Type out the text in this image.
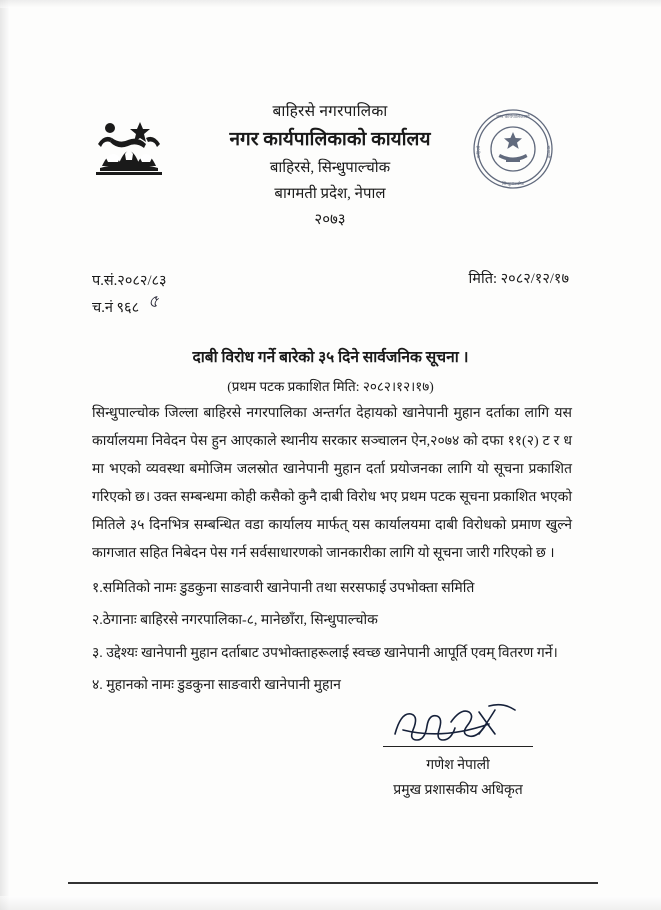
बाहिरसे नगरपालिका
नगर कार्यपालिकाको कार्यालय
बाहिरसे, सिन्धुपाल्चोक
बागमती प्रदेश, नेपाल
२०७३
नगर कार्यपालिकाको
सिन्धुपाल्चोक
बाहिरसे	बागमती
प.सं.२०८२/८३
च.नं ९६८ ৫
मिति: २०८२/१२/१७
दाबी विरोध गर्ने बारेको ३५ दिने सार्वजनिक सूचना ।
(प्रथम पटक प्रकाशित मिति: २०८२।१२।१७)

सिन्धुपाल्चोक जिल्ला बाहिरसे नगरपालिका अन्तर्गत देहायको खानेपानी मुहान दर्ताका लागि यस कार्यालयमा निवेदन पेस हुन आएकाले स्थानीय सरकार सञ्चालन ऐन,२०७४ को दफा ११(२) ट र ध मा भएको व्यवस्था बमोजिम जलस्रोत खानेपानी मुहान दर्ता प्रयोजनका लागि यो सूचना प्रकाशित गरिएको छ। उक्त सम्बन्धमा कोही कसैको कुनै दाबी विरोध भए प्रथम पटक सूचना प्रकाशित भएको मितिले ३५ दिनभित्र सम्बन्धित वडा कार्यालय मार्फत् यस कार्यालयमा दाबी विरोधको प्रमाण खुल्ने कागजात सहित निबेदन पेस गर्न सर्वसाधारणको जानकारीका लागि यो सूचना जारी गरिएको छ ।

१.समितिको नामः डुडकुना साङवारी खानेपानी तथा सरसफाई उपभोक्ता समिति
२.ठेगानाः बाहिरसे नगरपालिका-८, मानेछाँरा, सिन्धुपाल्चोक
३. उद्देश्यः खानेपानी मुहान दर्ताबाट उपभोक्ताहरूलाई स्वच्छ खानेपानी आपूर्ति एवम् वितरण गर्ने।
४. मुहानको नामः डुडकुना साङवारी खानेपानी मुहान
गणेश नेपाली
प्रमुख प्रशासकीय अधिकृत
